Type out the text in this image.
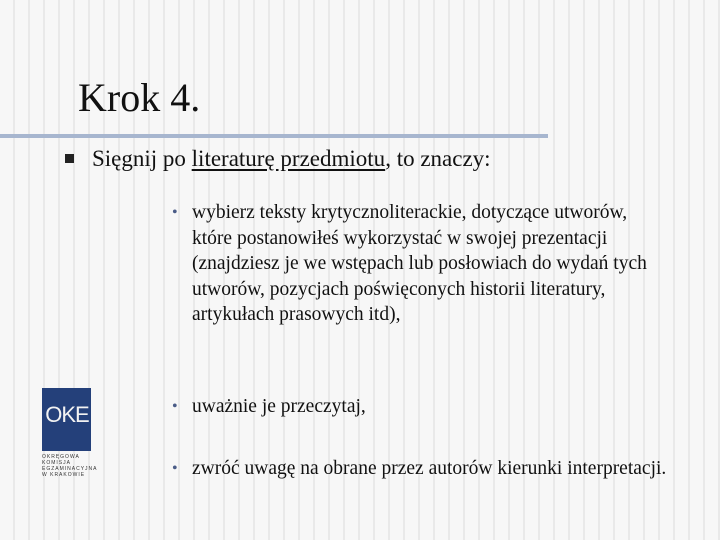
Krok 4.
Sięgnij po literaturę przedmiotu, to znaczy:
• wybierz teksty krytycznoliterackie, dotyczące utworów, które postanowiłeś wykorzystać w swojej prezentacji (znajdziesz je we wstępach lub posłowiach do wydań tych utworów, pozycjach poświęconych historii literatury, artykułach prasowych itd),
• uważnie je przeczytaj,
• zwróć uwagę na obrane przez autorów kierunki interpretacji.
OKE
OKRĘGOWA
KOMISJA
EGZAMINACYJNA
W KRAKOWIE
